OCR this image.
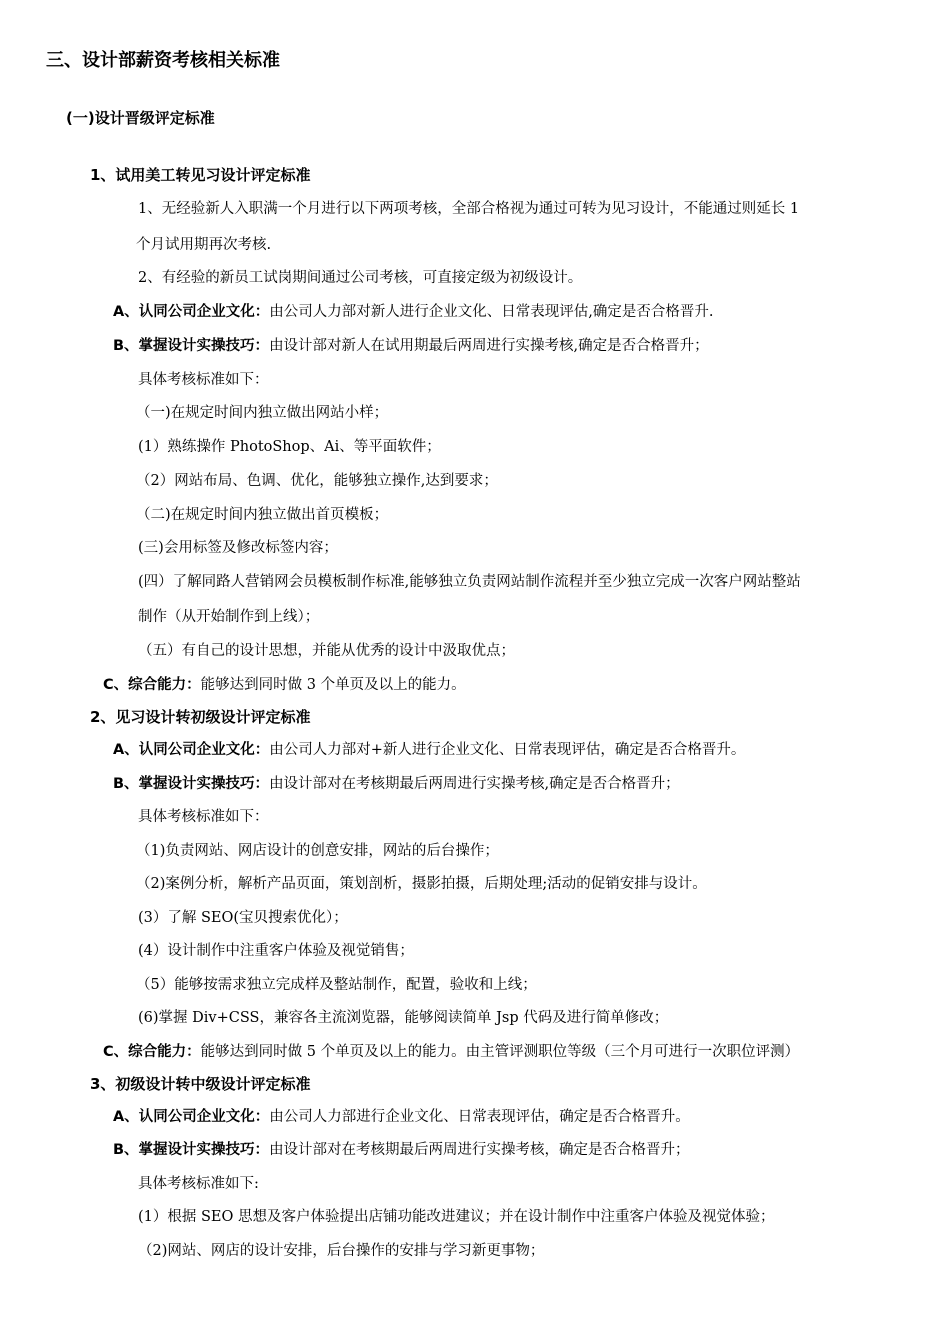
三、设计部薪资考核相关标准
(一)设计晋级评定标准
1、试用美工转见习设计评定标准
1、无经验新人入职满一个月进行以下两项考核，全部合格视为通过可转为见习设计，不能通过则延长 1
个月试用期再次考核.
2、有经验的新员工试岗期间通过公司考核，可直接定级为初级设计。
A、认同公司企业文化：由公司人力部对新人进行企业文化、日常表现评估,确定是否合格晋升.
B、掌握设计实操技巧：由设计部对新人在试用期最后两周进行实操考核,确定是否合格晋升；
具体考核标准如下：
（一)在规定时间内独立做出网站小样；
(1）熟练操作 PhotoShop、Ai、等平面软件；
（2）网站布局、色调、优化，能够独立操作,达到要求；
（二)在规定时间内独立做出首页模板；
(三)会用标签及修改标签内容；
(四）了解同路人营销网会员模板制作标准,能够独立负责网站制作流程并至少独立完成一次客户网站整站
制作（从开始制作到上线）；
（五）有自己的设计思想，并能从优秀的设计中汲取优点；
C、综合能力：能够达到同时做 3 个单页及以上的能力。
2、见习设计转初级设计评定标准
A、认同公司企业文化：由公司人力部对+新人进行企业文化、日常表现评估，确定是否合格晋升。
B、掌握设计实操技巧：由设计部对在考核期最后两周进行实操考核,确定是否合格晋升；
具体考核标准如下：
（1)负责网站、网店设计的创意安排，网站的后台操作；
（2)案例分析，解析产品页面，策划剖析，摄影拍摄，后期处理;活动的促销安排与设计。
(3）了解 SEO(宝贝搜索优化）；
(4）设计制作中注重客户体验及视觉销售；
（5）能够按需求独立完成样及整站制作，配置，验收和上线；
(6)掌握 Div+CSS，兼容各主流浏览器，能够阅读简单 Jsp 代码及进行简单修改；
C、综合能力：能够达到同时做 5 个单页及以上的能力。由主管评测职位等级（三个月可进行一次职位评测）
3、初级设计转中级设计评定标准
A、认同公司企业文化：由公司人力部进行企业文化、日常表现评估，确定是否合格晋升。
B、掌握设计实操技巧：由设计部对在考核期最后两周进行实操考核，确定是否合格晋升；
具体考核标准如下:
(1）根据 SEO 思想及客户体验提出店铺功能改进建议；并在设计制作中注重客户体验及视觉体验；
（2)网站、网店的设计安排，后台操作的安排与学习新更事物；
